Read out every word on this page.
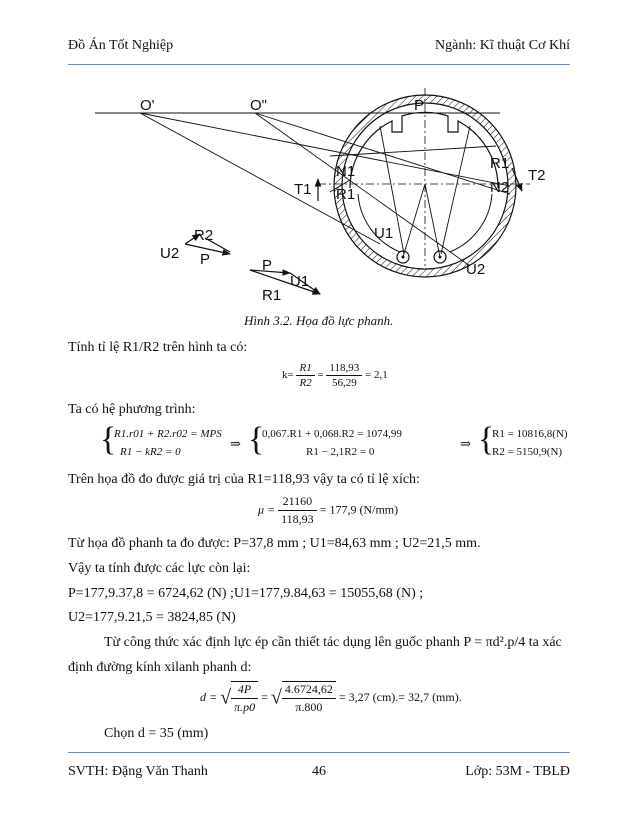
Đồ Án Tốt Nghiệp	Ngành: Kĩ thuật Cơ Khí
O'	O"	P
R1
T2
N1
R1
T1	N2
U1
U2
R2
U2 P	P
U1
R1
Hình 3.2. Họa đồ lực phanh.
Tính tỉ lệ R1/R2 trên hình ta có:
$k= \frac{R1}{R2} = \frac{118,93}{56,29} = 2,1$
Ta có hệ phương trình:
{
R1.r01 + R2.r02 = MPS
R1 − kR2 = 0
⇒ {
0,067.R1 + 0,068.R2 = 1074,99
R1 − 2,1R2 = 0
⇒ {
R1 = 10816,8(N)
R2 = 5150,9(N)
Trên họa đồ đo được giá trị của R1=118,93 vậy ta có tỉ lệ xích:
$\mu = \frac{21160}{118,93} = 177,9$ (N/mm)
Từ họa đồ phanh ta đo được: P=37,8 mm ; U1=84,63 mm ; U2=21,5 mm.
Vậy ta tính được các lực còn lại:
P=177,9.37,8 = 6724,62 (N) ;U1=177,9.84,63 = 15055,68 (N) ;
U2=177,9.21,5 = 3824,85 (N)
Từ công thức xác định lực ép cần thiết tác dụng lên guốc phanh P = πd².p/4 ta xác
định đường kính xilanh phanh d:
d = √ $\frac{4P}{\pi.p0}$ = √ $\frac{4.6724,62}{\pi.800} = 3,27$ (cm).= 32,7 (mm).
Chọn d = 35 (mm)
SVTH: Đặng Văn Thanh	46	Lớp: 53M - TBLĐ
